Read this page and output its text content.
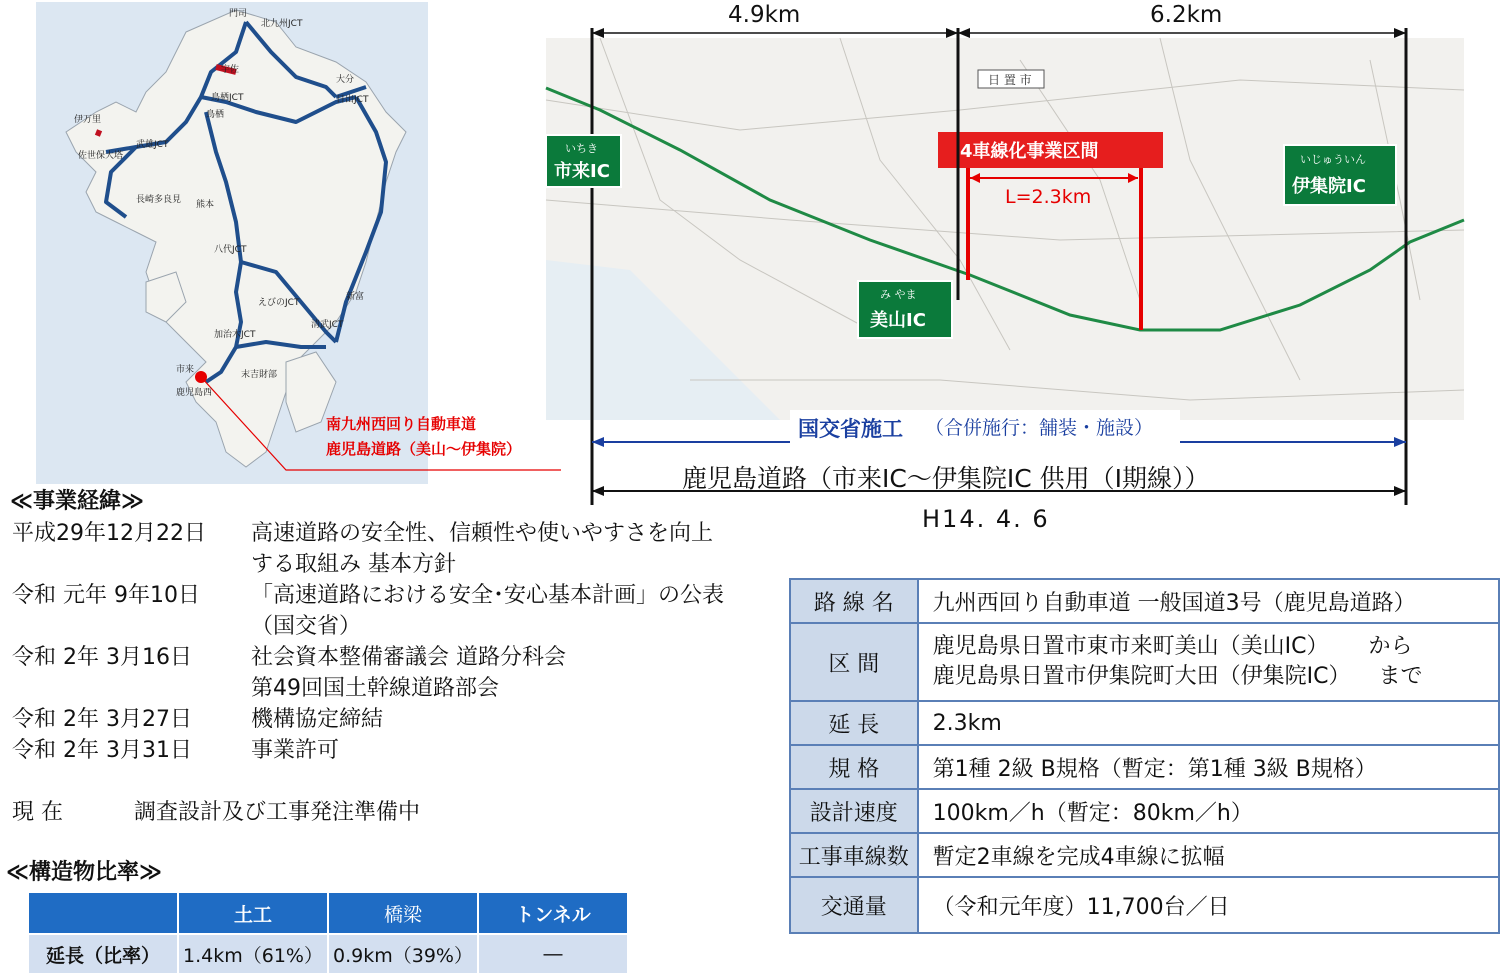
門司
北九州JCT
鳥栖JCT
鳥栖
日出JCT
武雄JCT
伊万里
佐世保大塔
長崎多良見 熊本
八代JCT
えびのJCT
清武JCT
加治木JCT
鹿児島西
市来	末吉財部
新富
大分
宇佐
南九州西回り自動車道
鹿児島道路（美山～伊集院）
L=2.3km
4車線化事業区間
日 置 市
4.9km	6.2km
いちき
市来IC
み やま
美山IC
いじゅういん
伊集院IC
国交省施工 （合併施行：舗装・施設）
鹿児島道路（市来IC～伊集院IC 供用（Ⅰ期線））
H14. 4. 6
≪事業経緯≫
平成29年12月22日 高速道路の安全性、信頼性や使いやすさを向上
する取組み 基本方針
令和 元年 9年10日 「高速道路における安全･安心基本計画」の公表
（国交省）
令和 2年 3月16日	社会資本整備審議会 道路分科会
第49回国土幹線道路部会
令和 2年 3月27日	機構協定締結
令和 2年 3月31日	事業許可
現 在	調査設計及び工事発注準備中
≪構造物比率≫
	土工	橋梁	トンネル
延長（比率）	1.4km（61%）	0.9km（39%）	―
路 線 名	九州西回り自動車道 一般国道3号（鹿児島道路）
区 間	鹿児島県日置市東市来町美山（美山IC） から
鹿児島県日置市伊集院町大田（伊集院IC） まで

延 長	2.3km
規 格	第1種 2級 B規格（暫定：第1種 3級 B規格）
設計速度	100km／h（暫定：80km／h）
工事車線数	暫定2車線を完成4車線に拡幅
交通量	（令和元年度）11,700台／日
